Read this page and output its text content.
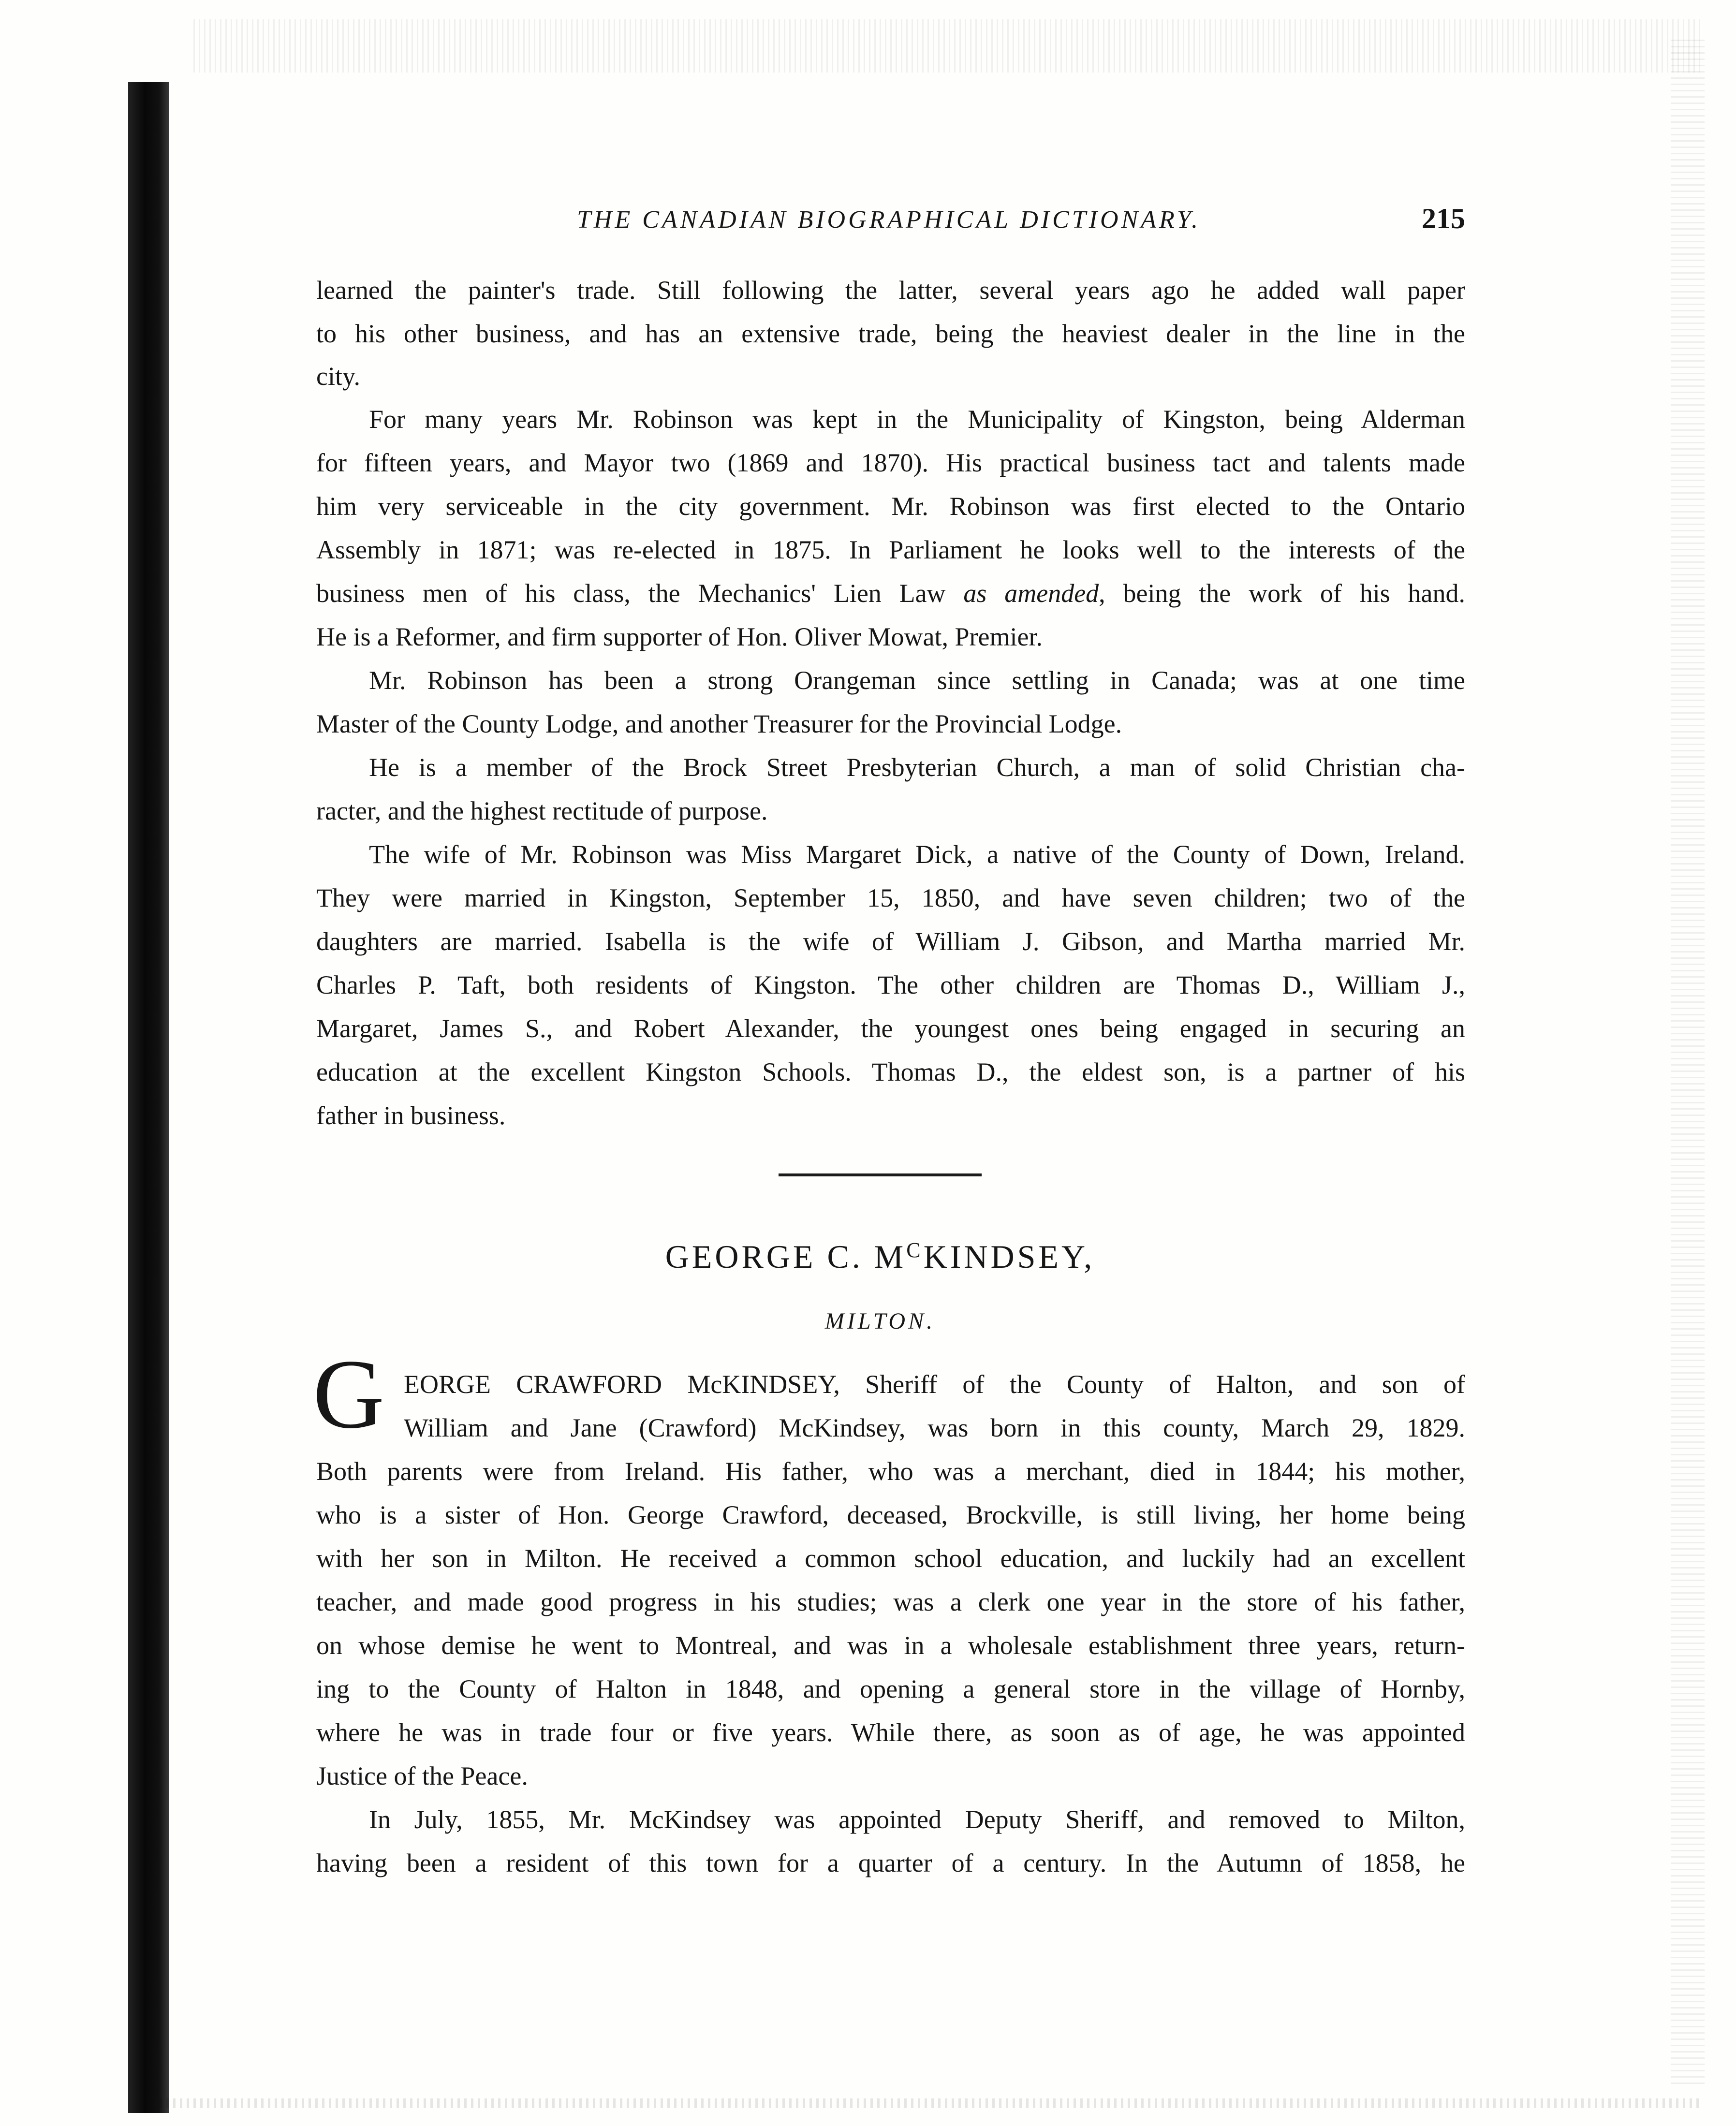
THE CANADIAN BIOGRAPHICAL DICTIONARY.	215
learned the painter's trade. Still following the latter, several years ago he added wall paper
to his other business, and has an extensive trade, being the heaviest dealer in the line in the
city.
For many years Mr. Robinson was kept in the Municipality of Kingston, being Alderman
for fifteen years, and Mayor two (1869 and 1870). His practical business tact and talents made
him very serviceable in the city government. Mr. Robinson was first elected to the Ontario
Assembly in 1871; was re-elected in 1875. In Parliament he looks well to the interests of the
business men of his class, the Mechanics' Lien Law as amended, being the work of his hand.
He is a Reformer, and firm supporter of Hon. Oliver Mowat, Premier.
Mr. Robinson has been a strong Orangeman since settling in Canada; was at one time
Master of the County Lodge, and another Treasurer for the Provincial Lodge.
He is a member of the Brock Street Presbyterian Church, a man of solid Christian cha-
racter, and the highest rectitude of purpose.
The wife of Mr. Robinson was Miss Margaret Dick, a native of the County of Down, Ireland.
They were married in Kingston, September 15, 1850, and have seven children; two of the
daughters are married. Isabella is the wife of William J. Gibson, and Martha married Mr.
Charles P. Taft, both residents of Kingston. The other children are Thomas D., William J.,
Margaret, James S., and Robert Alexander, the youngest ones being engaged in securing an
education at the excellent Kingston Schools. Thomas D., the eldest son, is a partner of his
father in business.
GEORGE C. $M^CKINDSEY$,
MILTON.
G EORGE CRAWFORD McKINDSEY, Sheriff of the County of Halton, and son of
William and Jane (Crawford) McKindsey, was born in this county, March 29, 1829.
Both parents were from Ireland. His father, who was a merchant, died in 1844; his mother,
who is a sister of Hon. George Crawford, deceased, Brockville, is still living, her home being
with her son in Milton. He received a common school education, and luckily had an excellent
teacher, and made good progress in his studies; was a clerk one year in the store of his father,
on whose demise he went to Montreal, and was in a wholesale establishment three years, return-
ing to the County of Halton in 1848, and opening a general store in the village of Hornby,
where he was in trade four or five years. While there, as soon as of age, he was appointed
Justice of the Peace.
In July, 1855, Mr. McKindsey was appointed Deputy Sheriff, and removed to Milton,
having been a resident of this town for a quarter of a century. In the Autumn of 1858, he
